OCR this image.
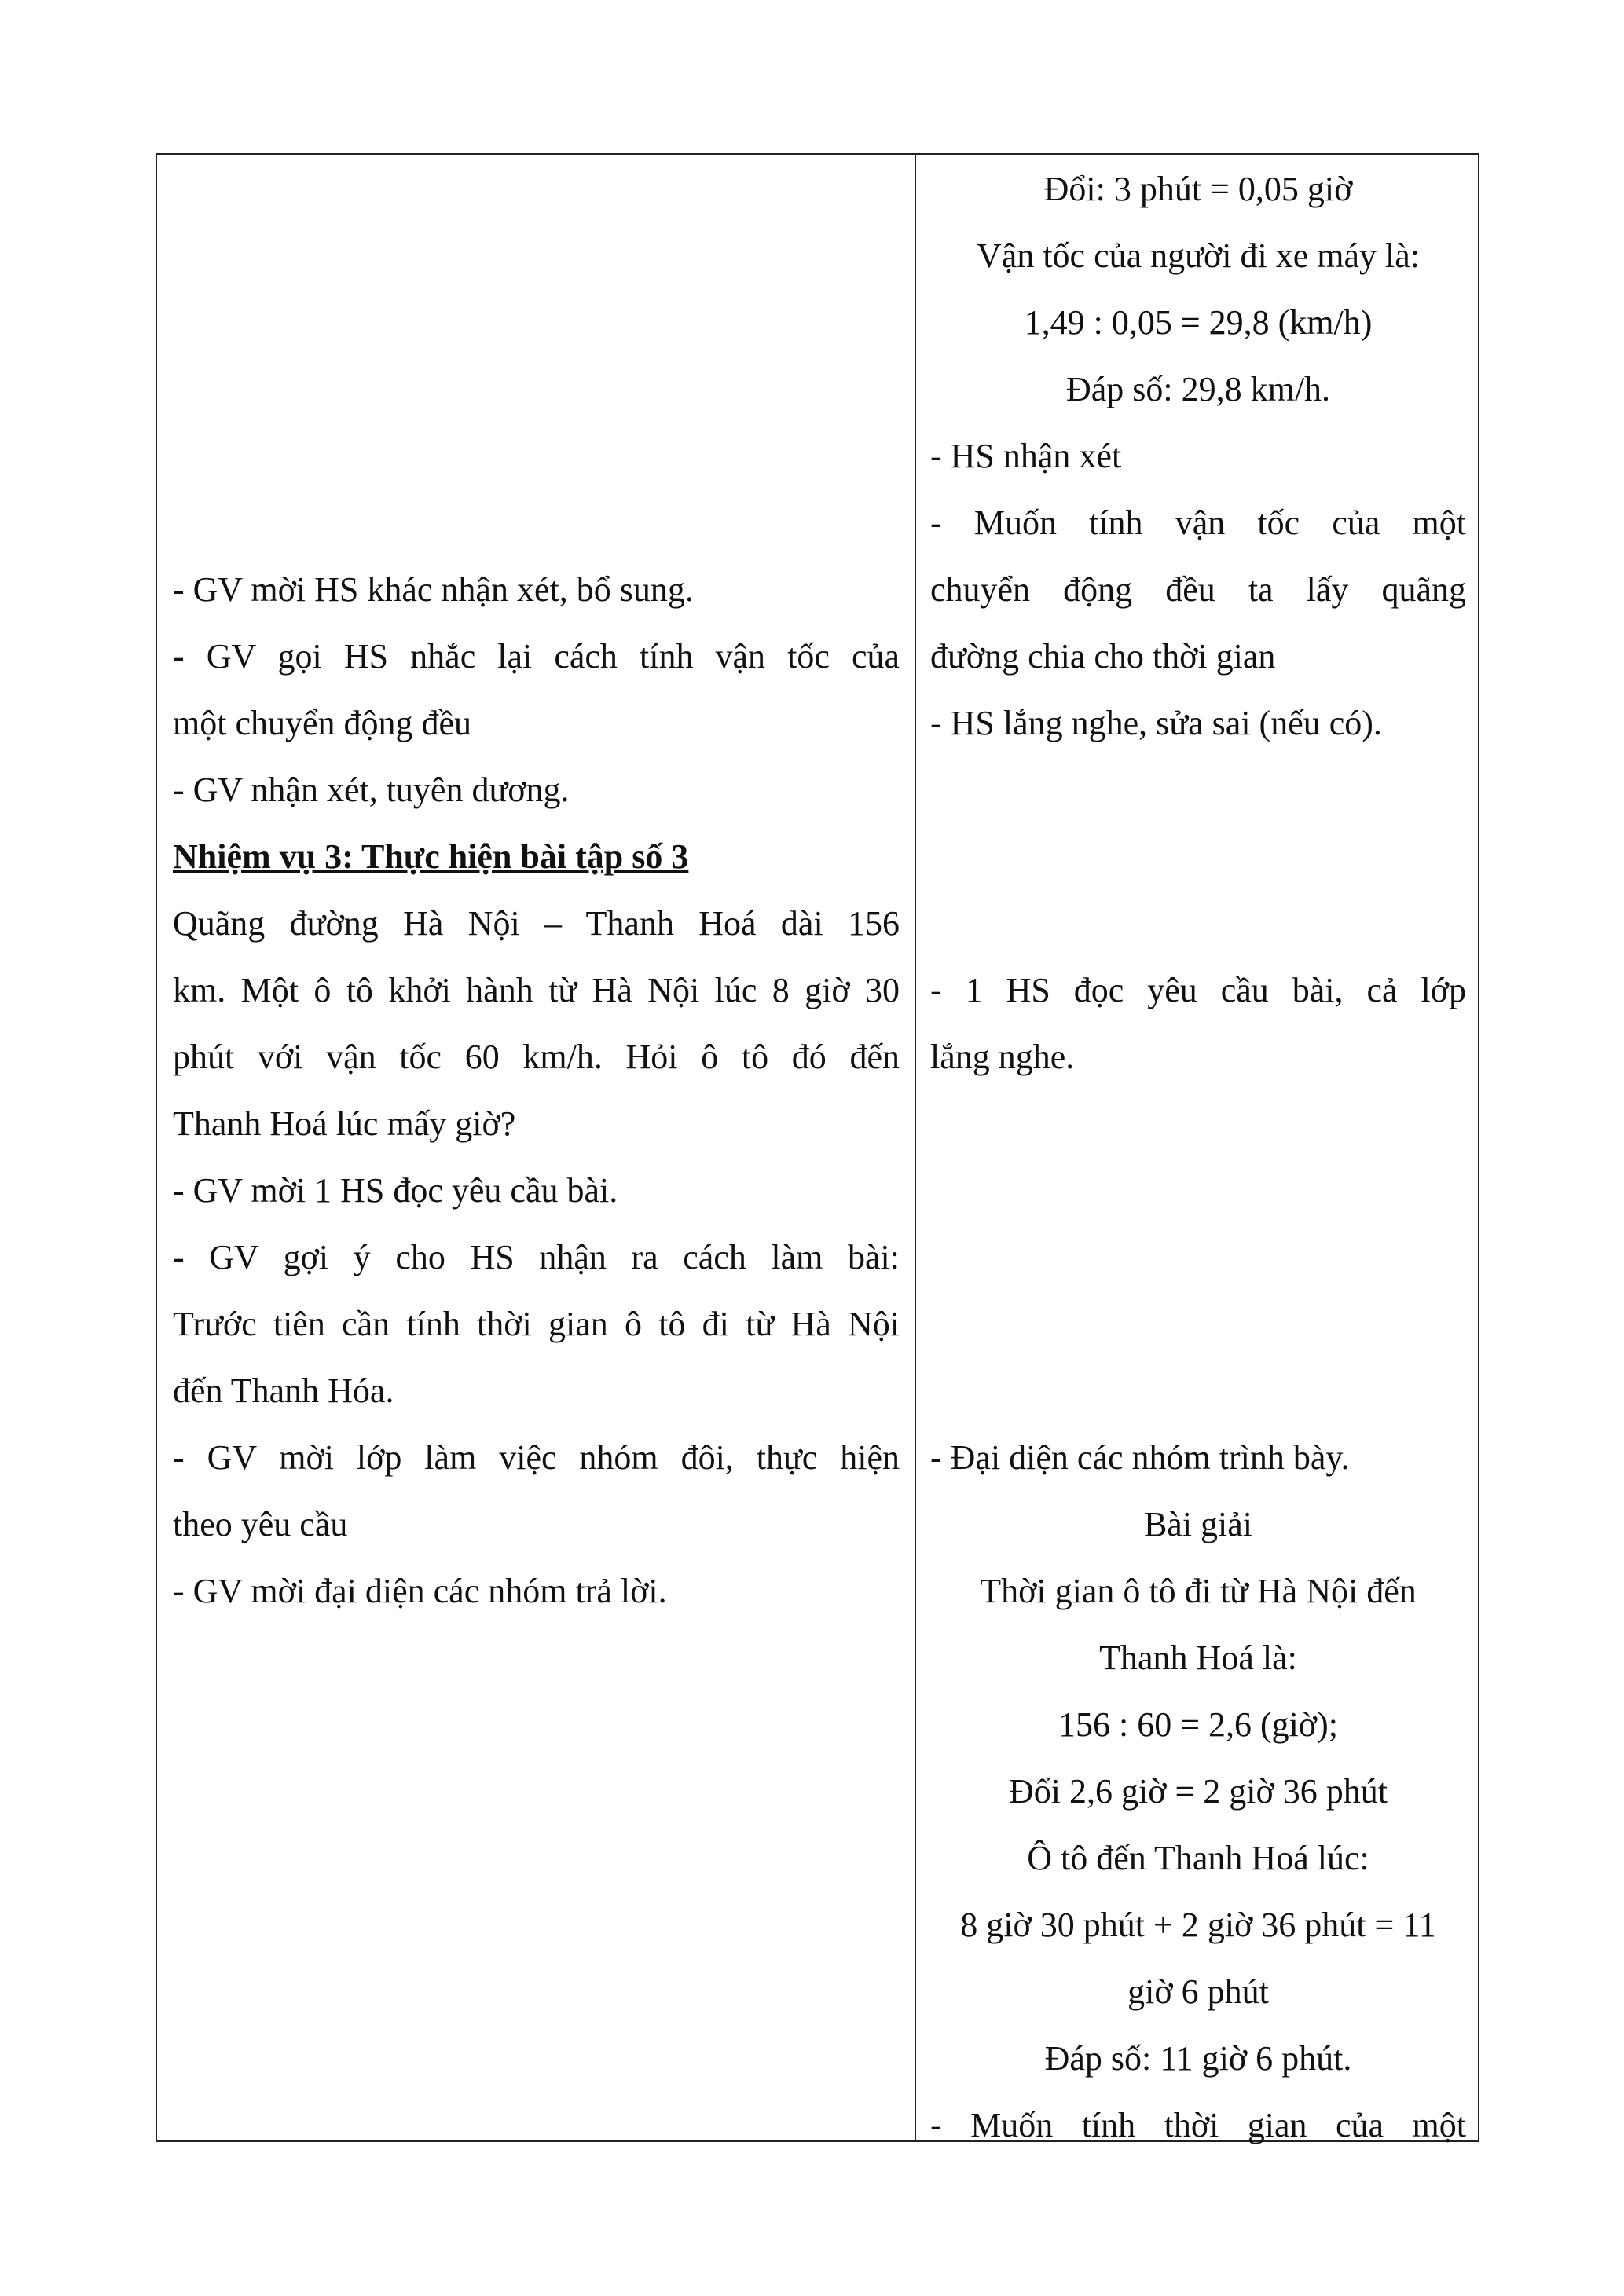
- GV mời HS khác nhận xét, bổ sung.
- GV gọi HS nhắc lại cách tính vận tốc của
một chuyển động đều
- GV nhận xét, tuyên dương.
Nhiệm vụ 3: Thực hiện bài tập số 3
Quãng đường Hà Nội – Thanh Hoá dài 156
km. Một ô tô khởi hành từ Hà Nội lúc 8 giờ 30
phút với vận tốc 60 km/h. Hỏi ô tô đó đến
Thanh Hoá lúc mấy giờ?
- GV mời 1 HS đọc yêu cầu bài.
- GV gợi ý cho HS nhận ra cách làm bài:
Trước tiên cần tính thời gian ô tô đi từ Hà Nội
đến Thanh Hóa.
- GV mời lớp làm việc nhóm đôi, thực hiện
theo yêu cầu
- GV mời đại diện các nhóm trả lời.
Đổi: 3 phút = 0,05 giờ
Vận tốc của người đi xe máy là:
1,49 : 0,05 = 29,8 (km/h)
Đáp số: 29,8 km/h.
- HS nhận xét
- Muốn tính vận tốc của một
chuyển động đều ta lấy quãng
đường chia cho thời gian
- HS lắng nghe, sửa sai (nếu có).
- 1 HS đọc yêu cầu bài, cả lớp
lắng nghe.
- Đại diện các nhóm trình bày.
Bài giải
Thời gian ô tô đi từ Hà Nội đến
Thanh Hoá là:
156 : 60 = 2,6 (giờ);
Đổi 2,6 giờ = 2 giờ 36 phút
Ô tô đến Thanh Hoá lúc:
8 giờ 30 phút + 2 giờ 36 phút = 11
giờ 6 phút
Đáp số: 11 giờ 6 phút.
- Muốn tính thời gian của một
